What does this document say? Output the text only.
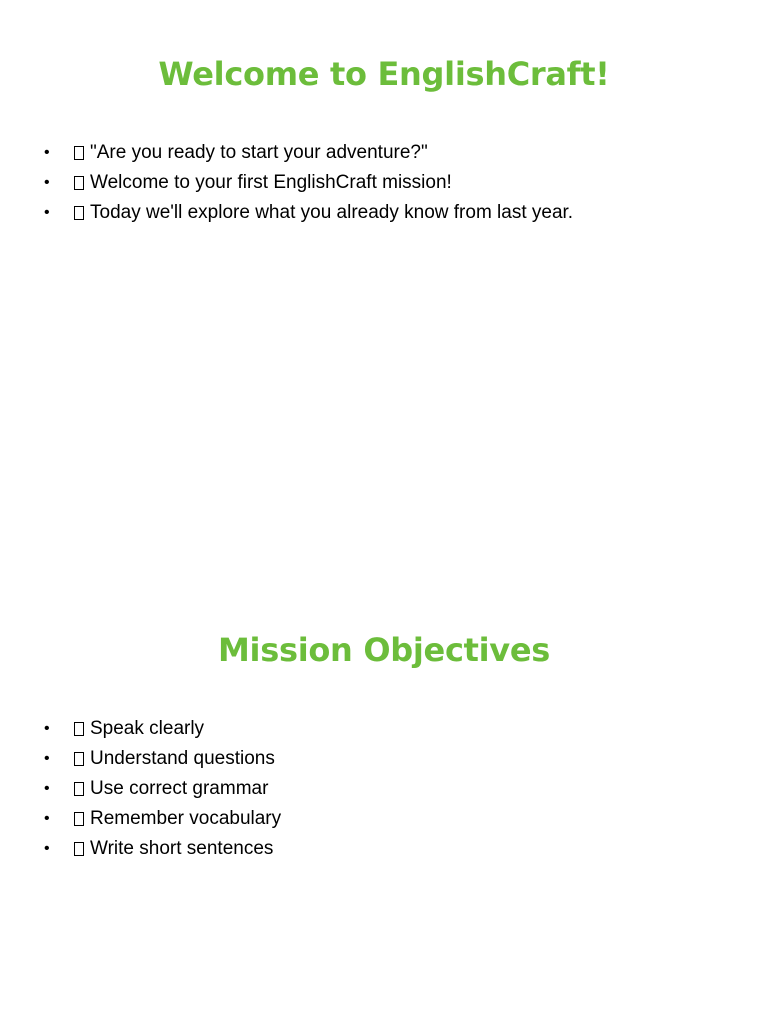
Welcome to EnglishCraft!
•	"Are you ready to start your adventure?"
•	Welcome to your first EnglishCraft mission!
•	Today we'll explore what you already know from last year.
Mission Objectives
•	Speak clearly
•	Understand questions
•	Use correct grammar
•	Remember vocabulary
•	Write short sentences
